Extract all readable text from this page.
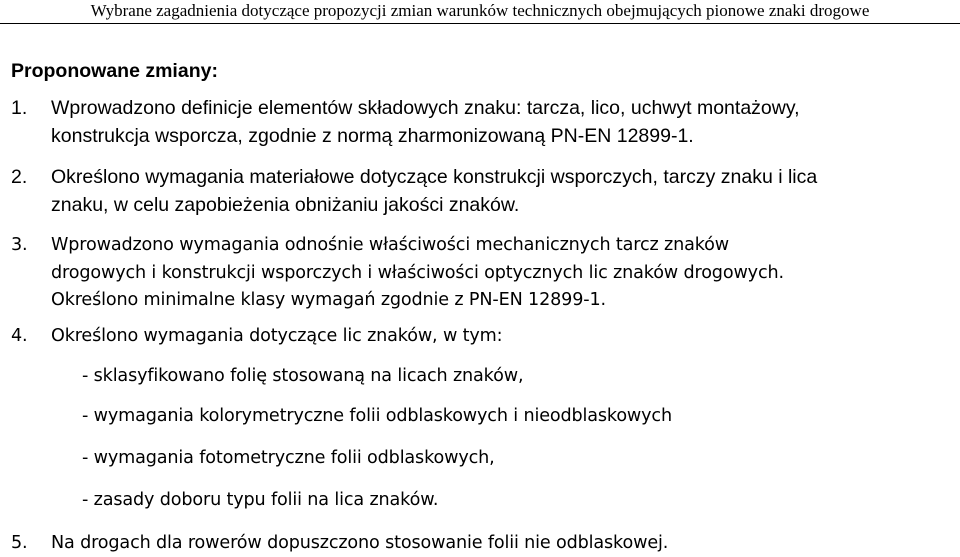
Wybrane zagadnienia dotyczące propozycji zmian warunków technicznych obejmujących pionowe znaki drogowe
Proponowane zmiany:
1. Wprowadzono definicje elementów składowych znaku: tarcza, lico, uchwyt montażowy,
konstrukcja wsporcza, zgodnie z normą zharmonizowaną PN-EN 12899-1.
2. Określono wymagania materiałowe dotyczące konstrukcji wsporczych, tarczy znaku i lica
znaku, w celu zapobieżenia obniżaniu jakości znaków.
3. Wprowadzono wymagania odnośnie właściwości mechanicznych tarcz znaków
drogowych i konstrukcji wsporczych i właściwości optycznych lic znaków drogowych.
Określono minimalne klasy wymagań zgodnie z PN-EN 12899-1.
4. Określono wymagania dotyczące lic znaków, w tym:
- sklasyfikowano folię stosowaną na licach znaków,
- wymagania kolorymetryczne folii odblaskowych i nieodblaskowych
- wymagania fotometryczne folii odblaskowych,
- zasady doboru typu folii na lica znaków.
5. Na drogach dla rowerów dopuszczono stosowanie folii nie odblaskowej.
